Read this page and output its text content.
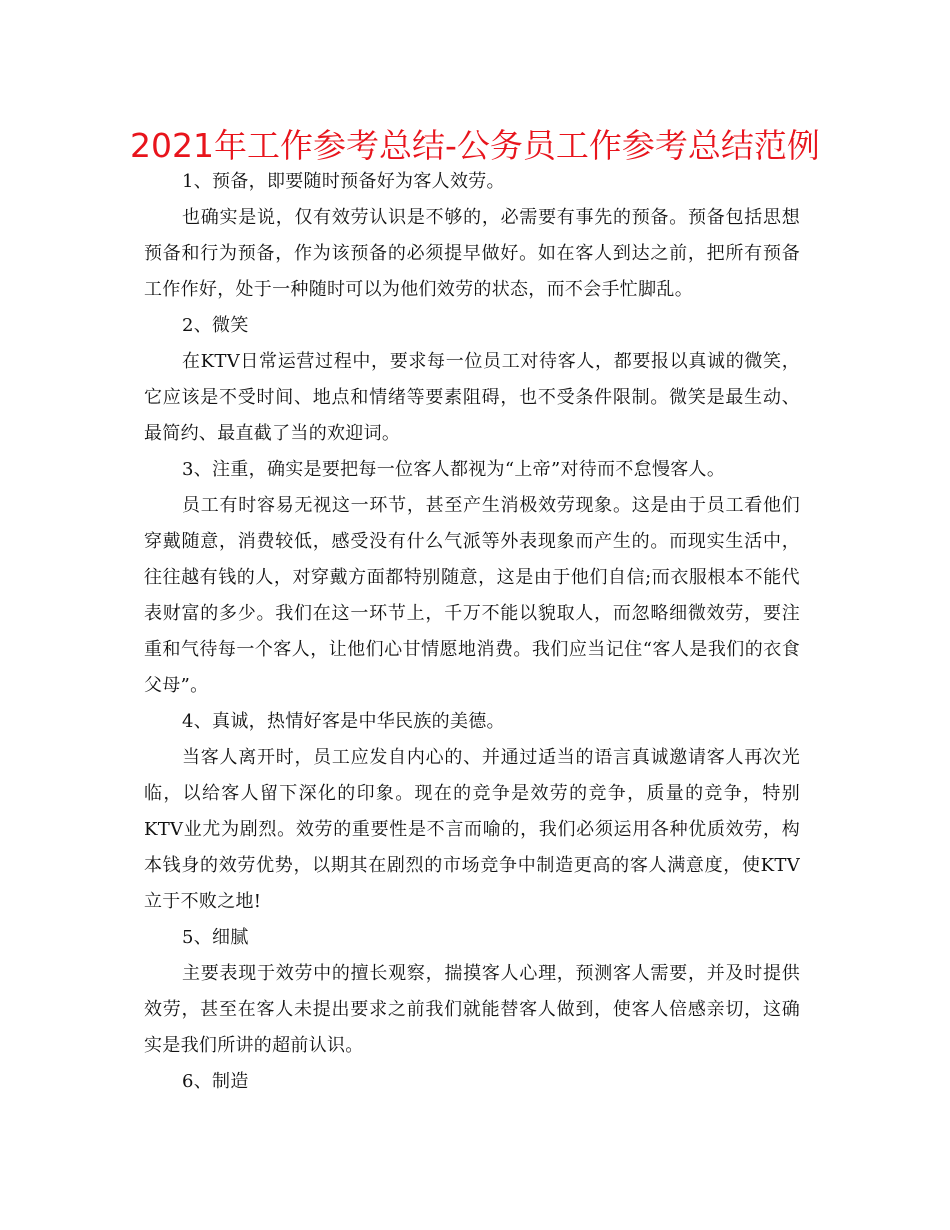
2021年工作参考总结-公务员工作参考总结范例

1、预备，即要随时预备好为客人效劳。

也确实是说，仅有效劳认识是不够的，必需要有事先的预备。预备包括思想预备和行为预备，作为该预备的必须提早做好。如在客人到达之前，把所有预备工作作好，处于一种随时可以为他们效劳的状态，而不会手忙脚乱。

2、微笑

在KTV日常运营过程中，要求每一位员工对待客人，都要报以真诚的微笑，它应该是不受时间、地点和情绪等要素阻碍，也不受条件限制。微笑是最生动、最简约、最直截了当的欢迎词。

3、注重，确实是要把每一位客人都视为“上帝”对待而不怠慢客人。

员工有时容易无视这一环节，甚至产生消极效劳现象。这是由于员工看他们穿戴随意，消费较低，感受没有什么气派等外表现象而产生的。而现实生活中，往往越有钱的人，对穿戴方面都特别随意，这是由于他们自信;而衣服根本不能代表财富的多少。我们在这一环节上，千万不能以貌取人，而忽略细微效劳，要注重和气待每一个客人，让他们心甘情愿地消费。我们应当记住“客人是我们的衣食父母”。

4、真诚，热情好客是中华民族的美德。

当客人离开时，员工应发自内心的、并通过适当的语言真诚邀请客人再次光临，以给客人留下深化的印象。现在的竞争是效劳的竞争，质量的竞争，特别KTV业尤为剧烈。效劳的重要性是不言而喻的，我们必须运用各种优质效劳，构本钱身的效劳优势，以期其在剧烈的市场竞争中制造更高的客人满意度，使KTV立于不败之地!

5、细腻

主要表现于效劳中的擅长观察，揣摸客人心理，预测客人需要，并及时提供效劳，甚至在客人未提出要求之前我们就能替客人做到，使客人倍感亲切，这确实是我们所讲的超前认识。

6、制造
